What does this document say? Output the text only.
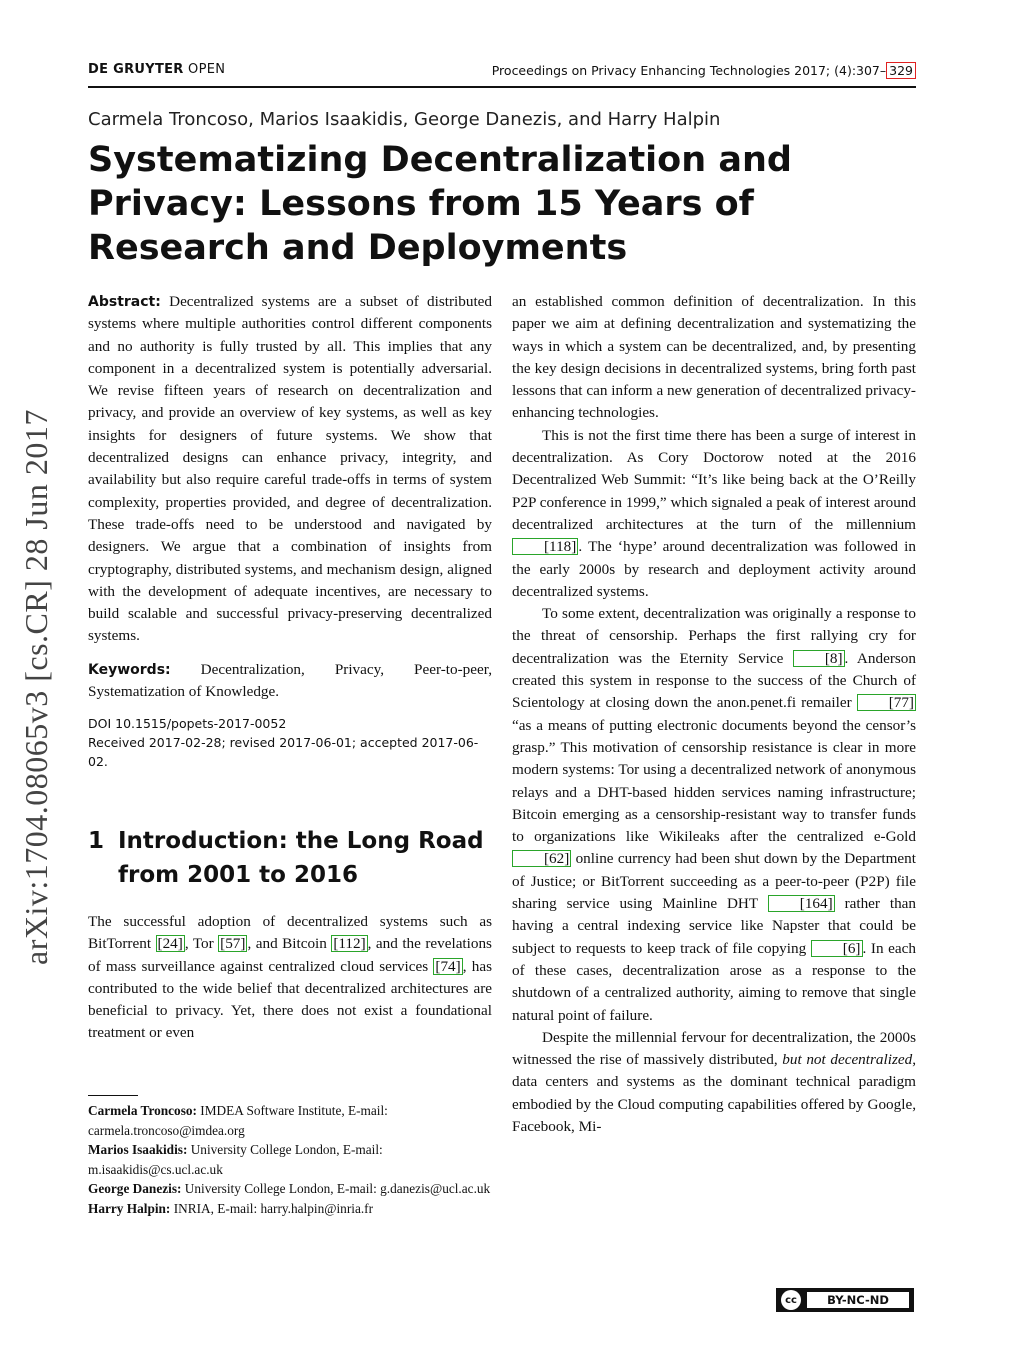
DE GRUYTER OPEN	Proceedings on Privacy Enhancing Technologies 2017; (4):307– 329
Carmela Troncoso, Marios Isaakidis, George Danezis, and Harry Halpin
Systematizing Decentralization and Privacy: Lessons from 15 Years of Research and Deployments
arXiv:1704.08065v3 [cs.CR] 28 Jun 2017

Abstract: Decentralized systems are a subset of distributed systems where multiple authorities control different components and no authority is fully trusted by all. This implies that any component in a decentralized system is potentially adversarial. We revise fifteen years of research on decentralization and privacy, and provide an overview of key systems, as well as key insights for designers of future systems. We show that decentralized designs can enhance privacy, integrity, and availability but also require careful trade-offs in terms of system complexity, properties provided, and degree of decentralization. These trade-offs need to be understood and navigated by designers. We argue that a combination of insights from cryptography, distributed systems, and mechanism design, aligned with the development of adequate incentives, are necessary to build scalable and successful privacy-preserving decentralized systems.

Keywords: Decentralization, Privacy, Peer-to-peer, Systematization of Knowledge.

DOI 10.1515/popets-2017-0052

Received 2017-02-28; revised 2017-06-01; accepted 2017-06-02.

1 Introduction: the Long Road from 2001 to 2016

The successful adoption of decentralized systems such as BitTorrent [24] , Tor [57] , and Bitcoin [112] , and the revelations of mass surveillance against centralized cloud services [74] , has contributed to the wide belief that decentralized architectures are beneficial to privacy. Yet, there does not exist a foundational treatment or even

Carmela Troncoso: IMDEA Software Institute, E-mail: carmela.troncoso@imdea.org

Marios Isaakidis: University College London, E-mail: m.isaakidis@cs.ucl.ac.uk

George Danezis: University College London, E-mail: g.danezis@ucl.ac.uk

Harry Halpin: INRIA, E-mail: harry.halpin@inria.fr

an established common definition of decentralization. In this paper we aim at defining decentralization and systematizing the ways in which a system can be decentralized, and, by presenting the key design decisions in decentralized systems, bring forth past lessons that can inform a new generation of decentralized privacy-enhancing technologies.

This is not the first time there has been a surge of interest in decentralization. As Cory Doctorow noted at the 2016 Decentralized Web Summit: “It’s like being back at the O’Reilly P2P conference in 1999,” which signaled a peak of interest around decentralized architectures at the turn of the millennium [118] . The ‘hype’ around decentralization was followed in the early 2000s by research and deployment activity around decentralized systems.

To some extent, decentralization was originally a response to the threat of censorship. Perhaps the first rallying cry for decentralization was the Eternity Service [8] . Anderson created this system in response to the success of the Church of Scientology at closing down the anon.penet.fi remailer [77] “as a means of putting electronic documents beyond the censor’s grasp.” This motivation of censorship resistance is clear in more modern systems: Tor using a decentralized network of anonymous relays and a DHT-based hidden services naming infrastructure; Bitcoin emerging as a censorship-resistant way to transfer funds to organizations like Wikileaks after the centralized e-Gold [62] online currency had been shut down by the Department of Justice; or BitTorrent succeeding as a peer-to-peer (P2P) file sharing service using Mainline DHT [164] rather than having a central indexing service like Napster that could be subject to requests to keep track of file copying [6] . In each of these cases, decentralization arose as a response to the shutdown of a centralized authority, aiming to remove that single natural point of failure.

Despite the millennial fervour for decentralization, the 2000s witnessed the rise of massively distributed, but not decentralized, data centers and systems as the dominant technical paradigm embodied by the Cloud computing capabilities offered by Google, Facebook, Mi-

cc	BY-NC-ND
